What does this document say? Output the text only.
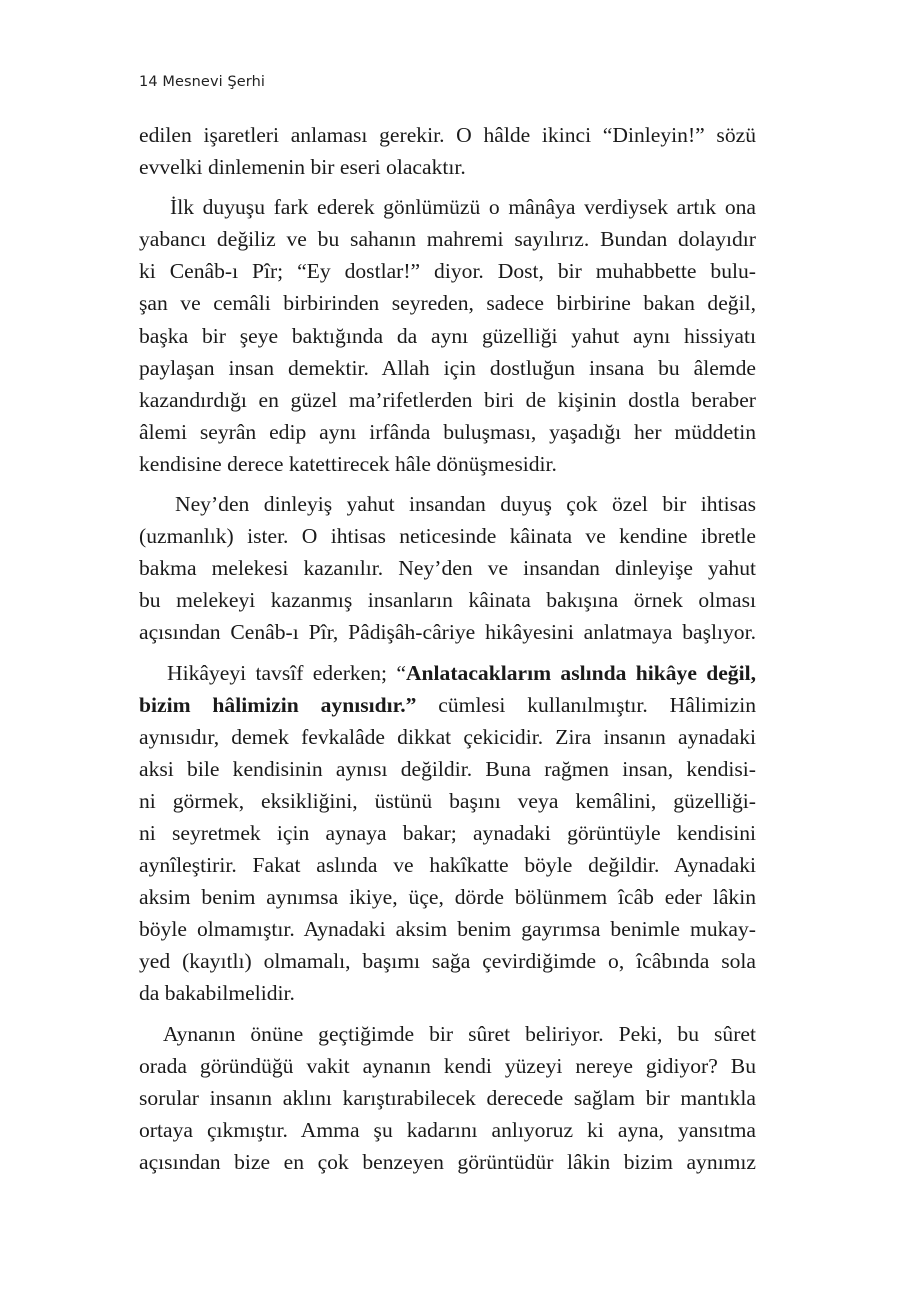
14 Mesnevi Şerhi

edilen işaretleri anlaması gerekir. O hâlde ikinci “Dinleyin!” sözü
evvelki dinlemenin bir eseri olacaktır.

İlk duyuşu fark ederek gönlümüzü o mânâya verdiysek artık ona
yabancı değiliz ve bu sahanın mahremi sayılırız. Bundan dolayıdır
ki Cenâb-ı Pîr; “Ey dostlar!” diyor. Dost, bir muhabbette bulu-
şan ve cemâli birbirinden seyreden, sadece birbirine bakan değil,
başka bir şeye baktığında da aynı güzelliği yahut aynı hissiyatı
paylaşan insan demektir. Allah için dostluğun insana bu âlemde
kazandırdığı en güzel ma’rifetlerden biri de kişinin dostla beraber
âlemi seyrân edip aynı irfânda buluşması, yaşadığı her müddetin
kendisine derece katettirecek hâle dönüşmesidir.

Ney’den dinleyiş yahut insandan duyuş çok özel bir ihtisas
(uzmanlık) ister. O ihtisas neticesinde kâinata ve kendine ibretle
bakma melekesi kazanılır. Ney’den ve insandan dinleyişe yahut
bu melekeyi kazanmış insanların kâinata bakışına örnek olması
açısından Cenâb-ı Pîr, Pâdişâh-câriye hikâyesini anlatmaya başlıyor.

Hikâyeyi tavsîf ederken; “Anlatacaklarım aslında hikâye değil,
bizim hâlimizin aynısıdır.” cümlesi kullanılmıştır. Hâlimizin
aynısıdır, demek fevkalâde dikkat çekicidir. Zira insanın aynadaki
aksi bile kendisinin aynısı değildir. Buna rağmen insan, kendisi-
ni görmek, eksikliğini, üstünü başını veya kemâlini, güzelliği-
ni seyretmek için aynaya bakar; aynadaki görüntüyle kendisini
aynîleştirir. Fakat aslında ve hakîkatte böyle değildir. Aynadaki
aksim benim aynımsa ikiye, üçe, dörde bölünmem îcâb eder lâkin
böyle olmamıştır. Aynadaki aksim benim gayrımsa benimle mukay-
yed (kayıtlı) olmamalı, başımı sağa çevirdiğimde o, îcâbında sola
da bakabilmelidir.

Aynanın önüne geçtiğimde bir sûret beliriyor. Peki, bu sûret
orada göründüğü vakit aynanın kendi yüzeyi nereye gidiyor? Bu
sorular insanın aklını karıştırabilecek derecede sağlam bir mantıkla
ortaya çıkmıştır. Amma şu kadarını anlıyoruz ki ayna, yansıtma
açısından bize en çok benzeyen görüntüdür lâkin bizim aynımız
